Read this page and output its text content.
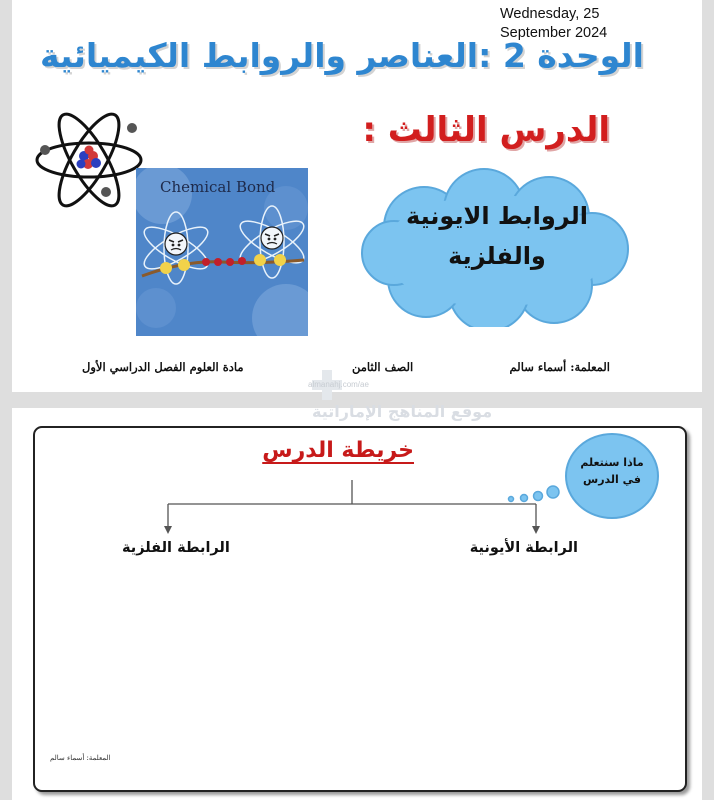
Wednesday, 25 September 2024
الوحدة 2 :العناصر والروابط الكيميائية
الدرس الثالث :
Chemical Bond
الروابط الايونية والفلزية
مادة العلوم الفصل الدراسي الأول	الصف الثامن	المعلمة: أسماء سالم
almanahj.com/ae
موقع المناهج الإماراتية
خريطة الدرس	ماذا سنتعلم في الدرس
الرابطة الأيونية
الرابطة الفلزية
المعلمة: أسماء سالم
